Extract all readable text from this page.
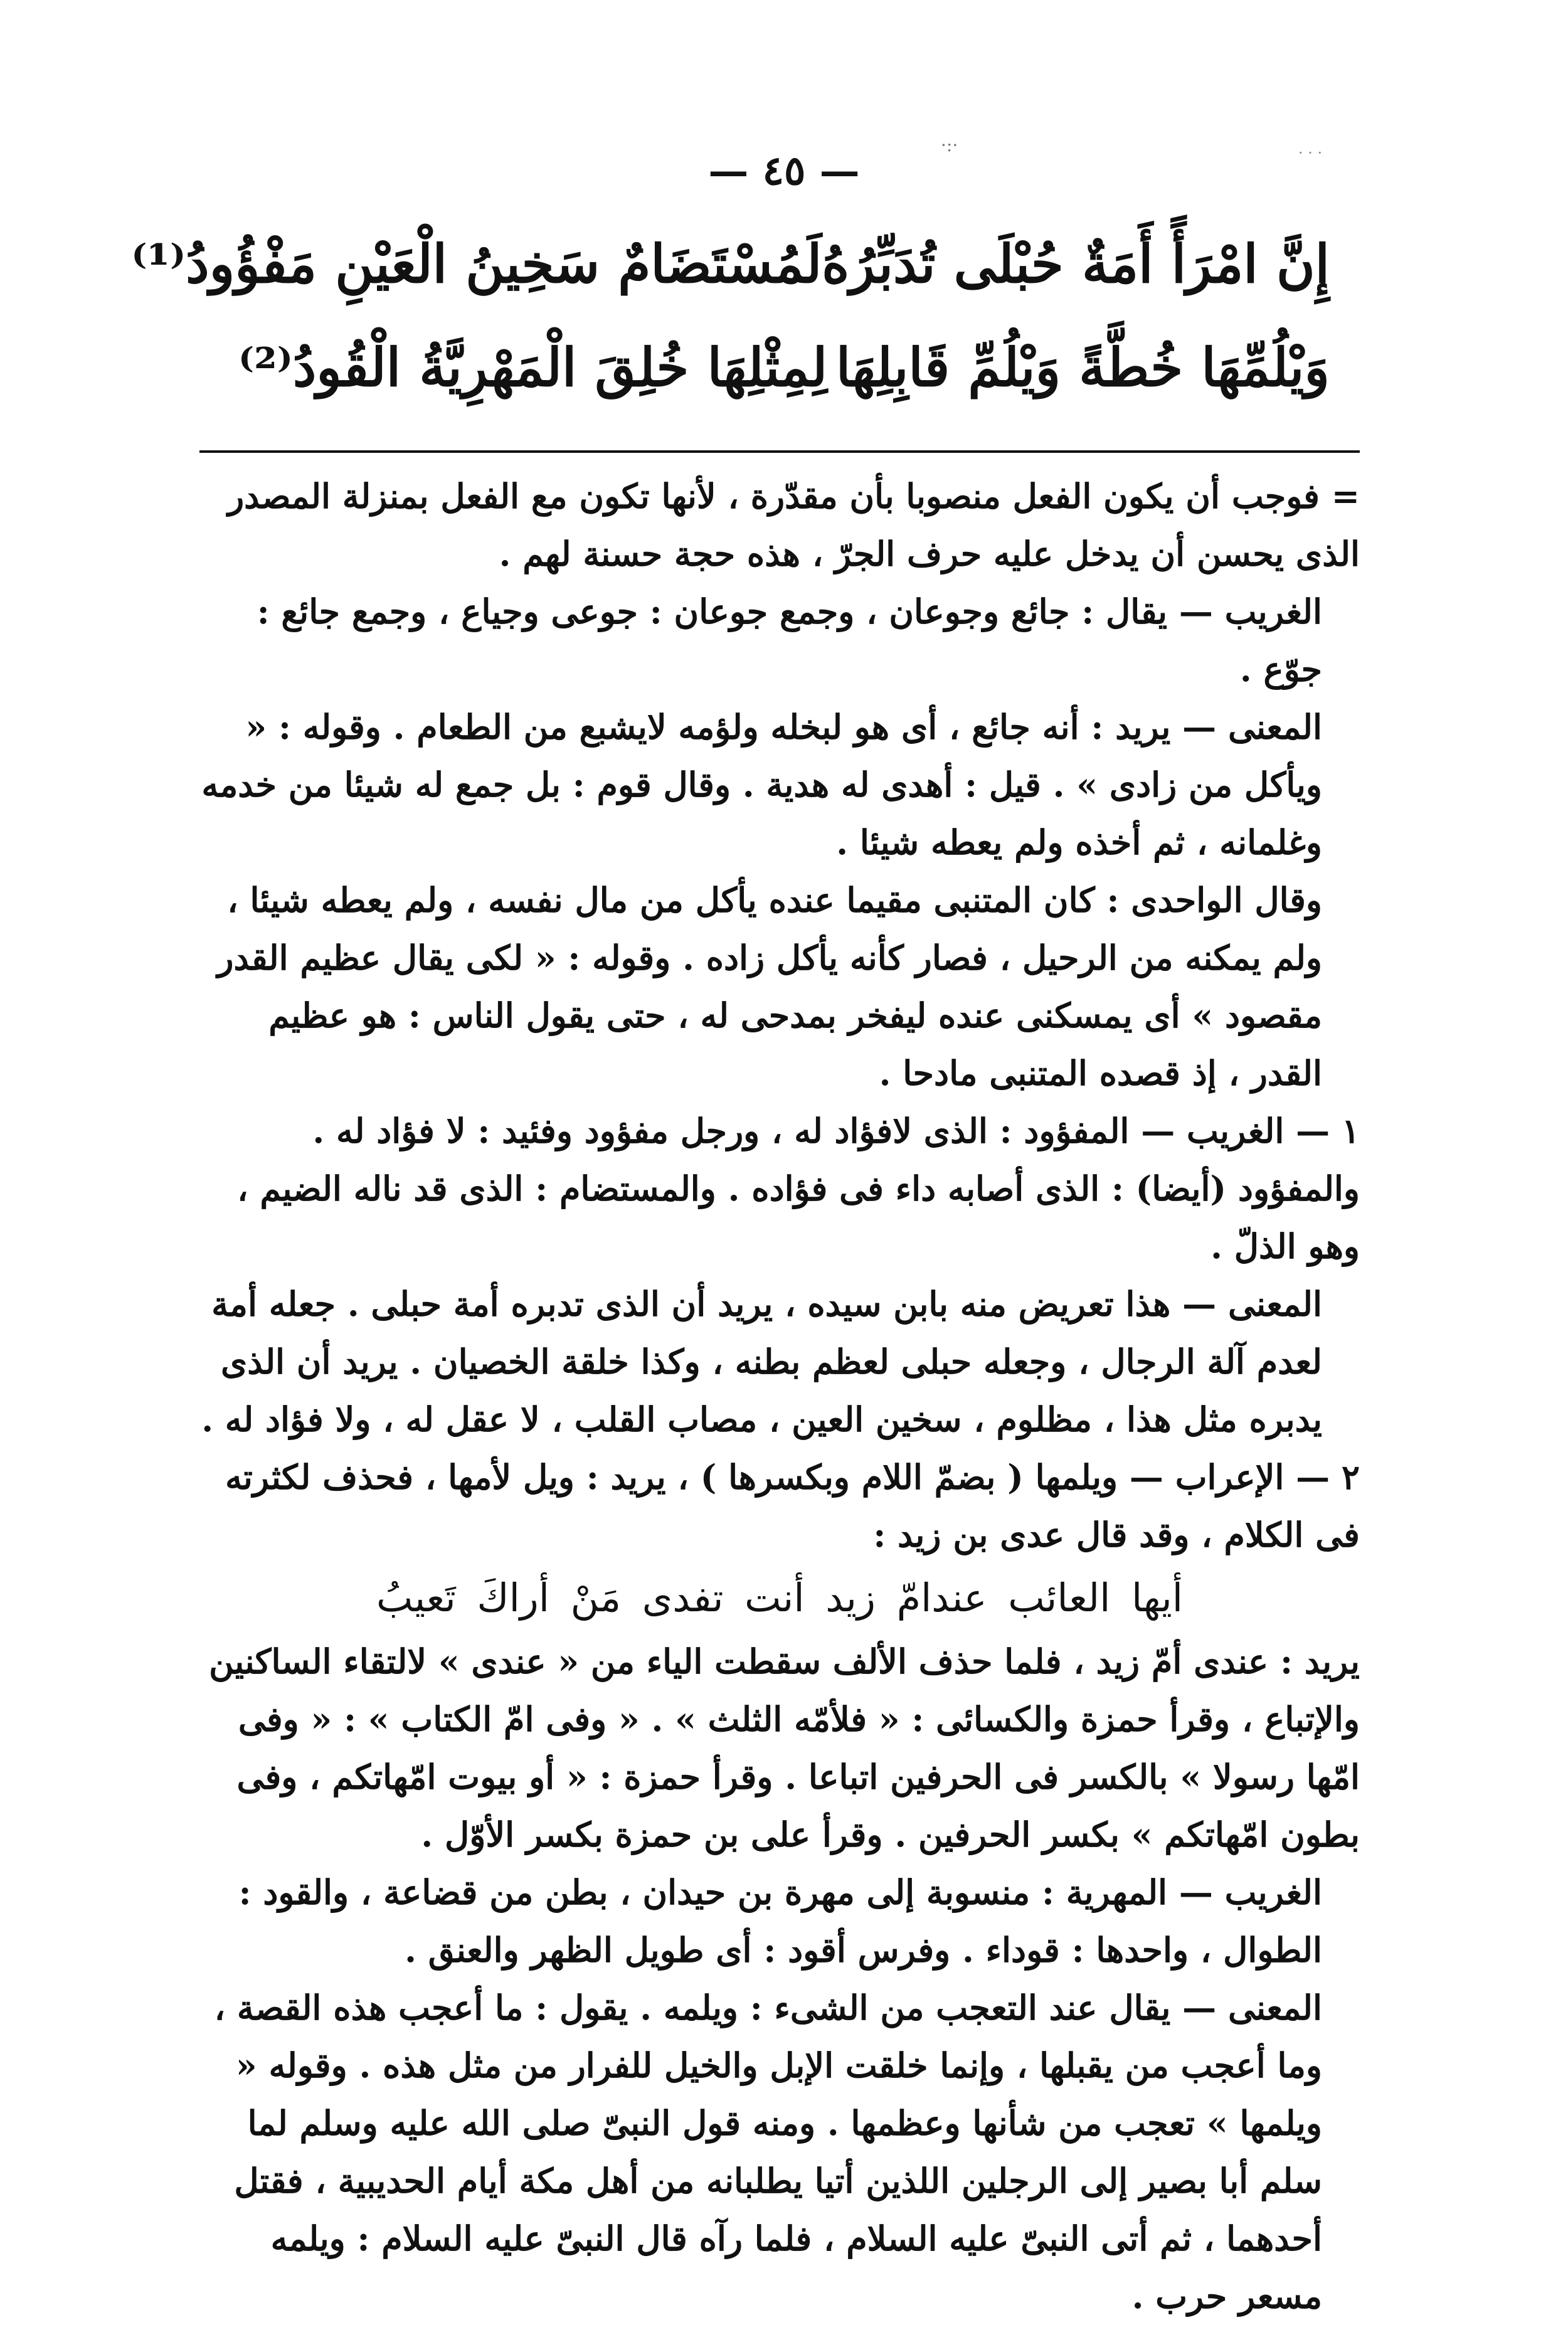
·:·	· · ·
— ٤٥ —
إِنَّ امْرَأً أَمَةٌ حُبْلَى تُدَبِّرُهُ
لَمُسْتَضَامٌ سَخِينُ الْعَيْنِ مَفْؤُودُ⁽¹⁾
وَيْلُمِّهَا خُطَّةً وَيْلُمِّ قَابِلِهَا
لِمِثْلِهَا خُلِقَ الْمَهْرِيَّةُ الْقُودُ⁽²⁾

= فوجب أن يكون الفعل منصوبا بأن مقدّرة ، لأنها تكون مع الفعل بمنزلة المصدر الذى يحسن أن يدخل عليه حرف الجرّ ، هذه حجة حسنة لهم .

الغريب — يقال : جائع وجوعان ، وجمع جوعان : جوعى وجياع ، وجمع جائع : جوّع .

المعنى — يريد : أنه جائع ، أى هو لبخله ولؤمه لايشبع من الطعام . وقوله : « ويأكل من زادى » . قيل : أهدى له هدية . وقال قوم : بل جمع له شيئا من خدمه وغلمانه ، ثم أخذه ولم يعطه شيئا .

وقال الواحدى : كان المتنبى مقيما عنده يأكل من مال نفسه ، ولم يعطه شيئا ، ولم يمكنه من الرحيل ، فصار كأنه يأكل زاده . وقوله : « لكى يقال عظيم القدر مقصود » أى يمسكنى عنده ليفخر بمدحى له ، حتى يقول الناس : هو عظيم القدر ، إذ قصده المتنبى مادحا .

١ — الغريب — المفؤود : الذى لافؤاد له ، ورجل مفؤود وفئيد : لا فؤاد له . والمفؤود (أيضا) : الذى أصابه داء فى فؤاده . والمستضام : الذى قد ناله الضيم ، وهو الذلّ .

المعنى — هذا تعريض منه بابن سيده ، يريد أن الذى تدبره أمة حبلى . جعله أمة لعدم آلة الرجال ، وجعله حبلى لعظم بطنه ، وكذا خلقة الخصيان . يريد أن الذى يدبره مثل هذا ، مظلوم ، سخين العين ، مصاب القلب ، لا عقل له ، ولا فؤاد له .

٢ — الإعراب — ويلمها ( بضمّ اللام وبكسرها ) ، يريد : ويل لأمها ، فحذف لكثرته فى الكلام ، وقد قال عدى بن زيد :

أيها العائب عندامّ زيد أنت تفدى مَنْ أراكَ تَعيبُ

يريد : عندى أمّ زيد ، فلما حذف الألف سقطت الياء من « عندى » لالتقاء الساكنين والإتباع ، وقرأ حمزة والكسائى : « فلأمّه الثلث » . « وفى امّ الكتاب » : « وفى امّها رسولا » بالكسر فى الحرفين اتباعا . وقرأ حمزة : « أو بيوت امّهاتكم ، وفى بطون امّهاتكم » بكسر الحرفين . وقرأ على بن حمزة بكسر الأوّل .

الغريب — المهرية : منسوبة إلى مهرة بن حيدان ، بطن من قضاعة ، والقود : الطوال ، واحدها : قوداء . وفرس أقود : أى طويل الظهر والعنق .

المعنى — يقال عند التعجب من الشىء : ويلمه . يقول : ما أعجب هذه القصة ، وما أعجب من يقبلها ، وإنما خلقت الإبل والخيل للفرار من مثل هذه . وقوله « ويلمها » تعجب من شأنها وعظمها . ومنه قول النبىّ صلى الله عليه وسلم لما سلم أبا بصير إلى الرجلين اللذين أتيا يطلبانه من أهل مكة أيام الحديبية ، فقتل أحدهما ، ثم أتى النبىّ عليه السلام ، فلما رآه قال النبىّ عليه السلام : ويلمه مسعر حرب .
